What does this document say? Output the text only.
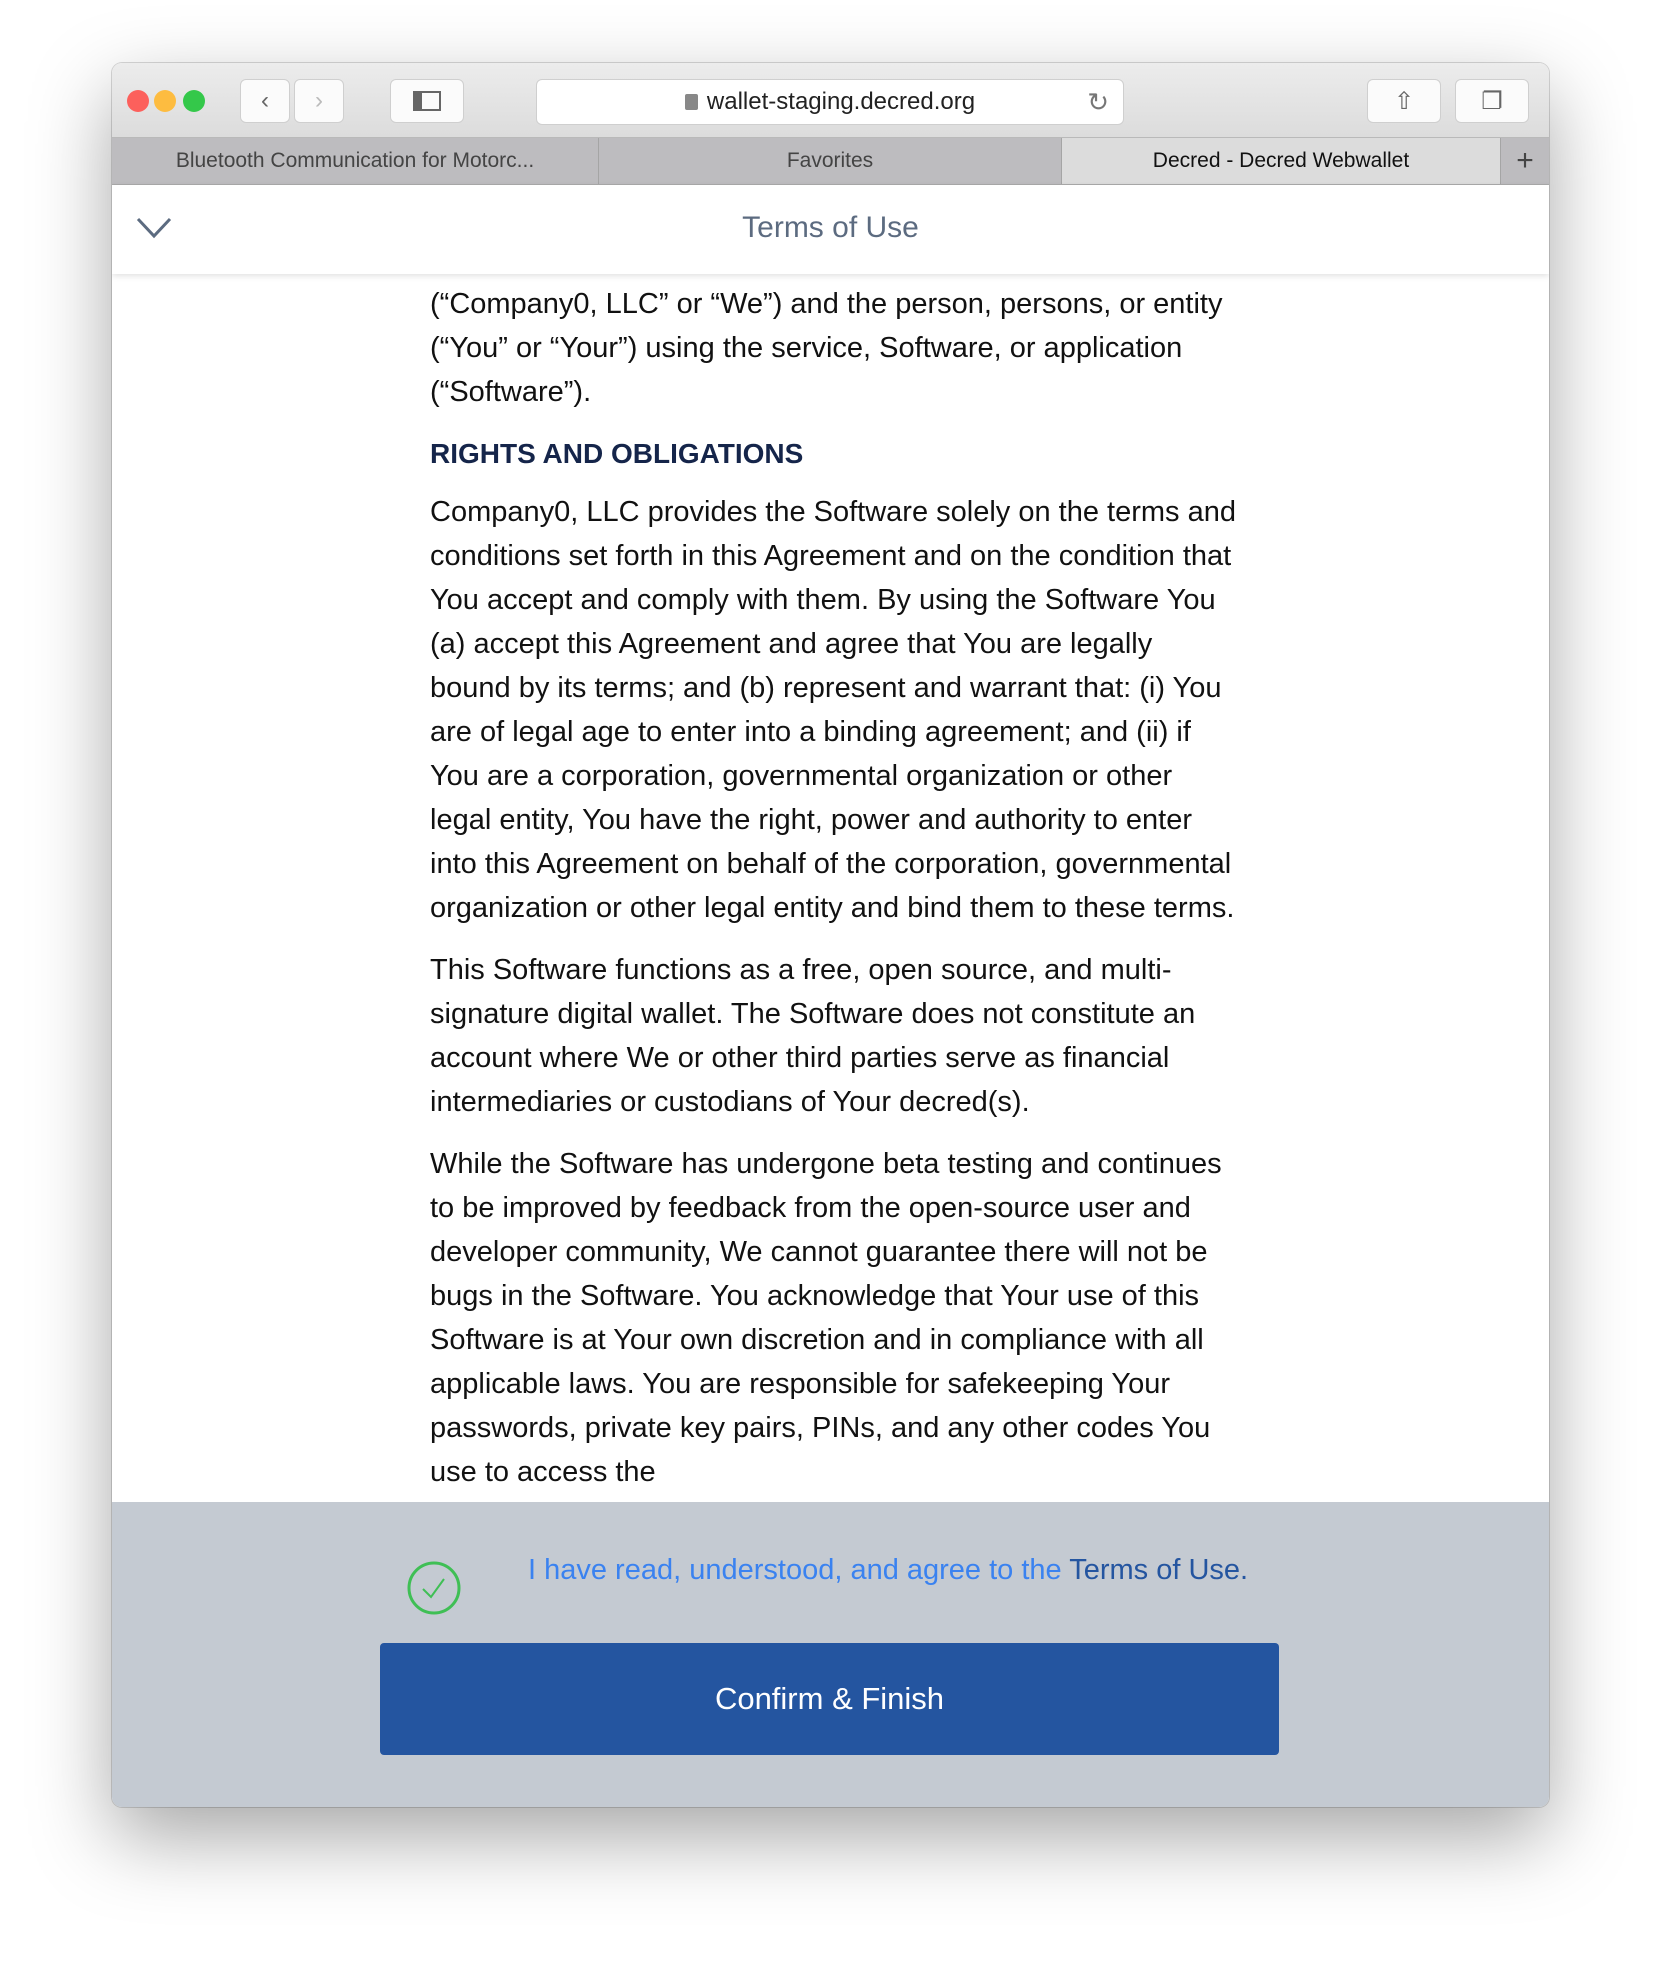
‹ ›	wallet-staging.decred.org	↻	⇧	❐
Bluetooth Communication for Motorc...	Favorites	Decred - Decred Webwallet	+
Terms of Use

(“Company0, LLC” or “We”) and the person, persons, or entity (“You” or “Your”) using the service, Software, or application (“Software”).

RIGHTS AND OBLIGATIONS

Company0, LLC provides the Software solely on the terms and conditions set forth in this Agreement and on the condition that You accept and comply with them. By using the Software You (a) accept this Agreement and agree that You are legally bound by its terms; and (b) represent and warrant that: (i) You are of legal age to enter into a binding agreement; and (ii) if You are a corporation, governmental organization or other legal entity, You have the right, power and authority to enter into this Agreement on behalf of the corporation, governmental organization or other legal entity and bind them to these terms.

This Software functions as a free, open source, and multi-signature digital wallet. The Software does not constitute an account where We or other third parties serve as financial intermediaries or custodians of Your decred(s).

While the Software has undergone beta testing and continues to be improved by feedback from the open-source user and developer community, We cannot guarantee there will not be bugs in the Software. You acknowledge that Your use of this Software is at Your own discretion and in compliance with all applicable laws. You are responsible for safekeeping Your passwords, private key pairs, PINs, and any other codes You use to access the

I have read, understood, and agree to the Terms of Use.
Confirm & Finish
